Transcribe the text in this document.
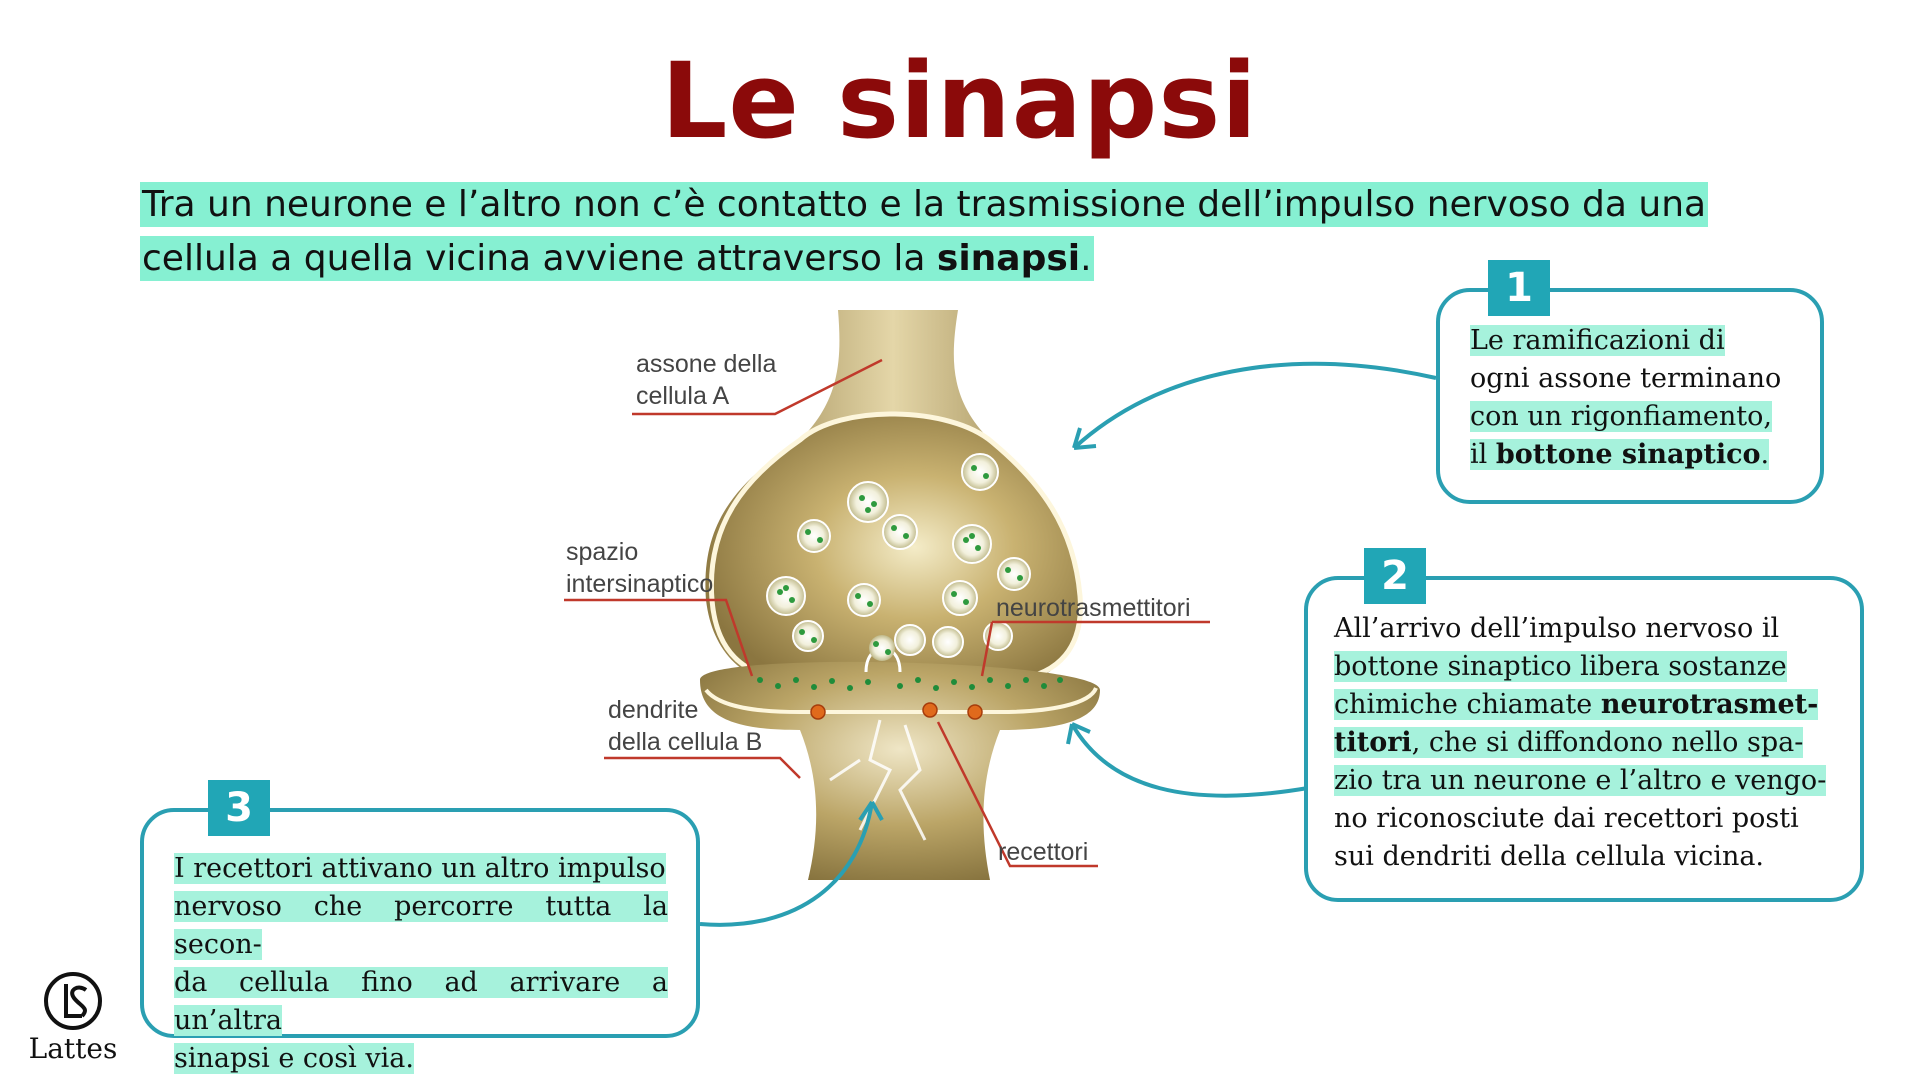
Le sinapsi
Tra un neurone e l’altro non c’è contatto e la trasmissione dell’impulso nervoso da una
cellula a quella vicina avviene attraverso la sinapsi.
assone della
cellula A
spazio
intersinaptico
neurotrasmettitori
dendrite
della cellula B
recettori
1
Le ramificazioni di
ogni assone terminano
con un rigonfiamento,
il bottone sinaptico.
2
All’arrivo dell’impulso nervoso il
bottone sinaptico libera sostanze
chimiche chiamate neurotrasmet-
titori, che si diffondono nello spa-
zio tra un neurone e l’altro e vengo-
no riconosciute dai recettori posti
sui dendriti della cellula vicina.
3
I recettori attivano un altro impulso
nervoso che percorre tutta la secon-
da cellula fino ad arrivare a un’altra
sinapsi e così via.
Lattes
